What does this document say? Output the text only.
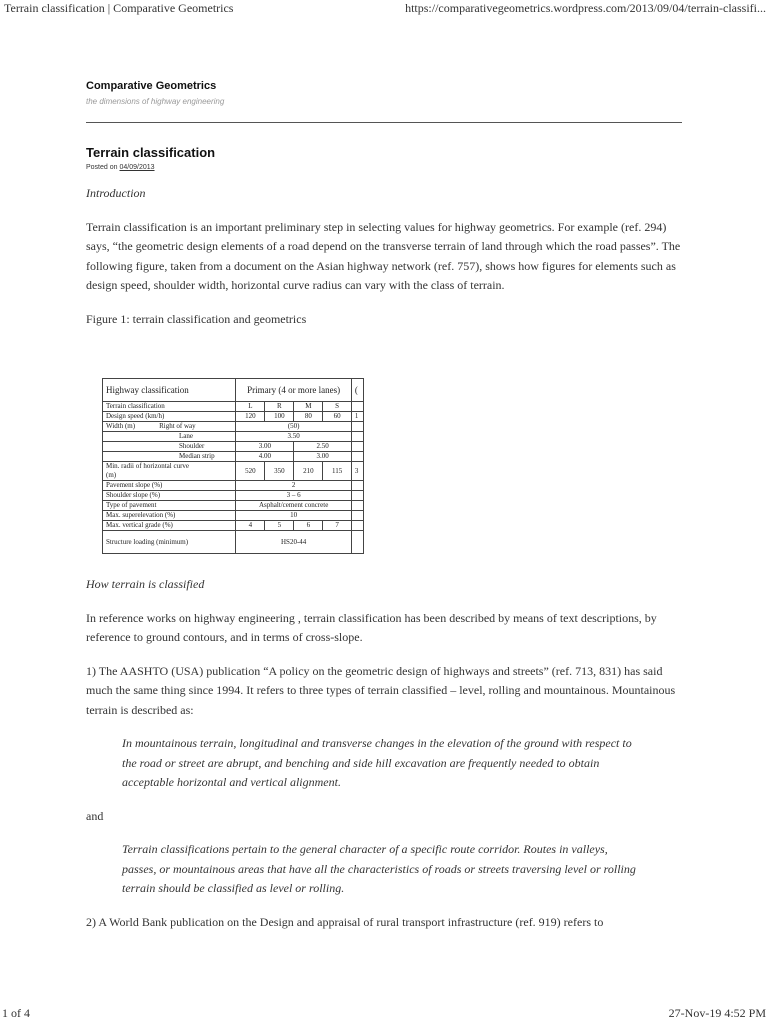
Terrain classification | Comparative Geometrics	https://comparativegeometrics.wordpress.com/2013/09/04/terrain-classifi...
Comparative Geometrics
the dimensions of highway engineering
Terrain classification
Posted on 04/09/2013

Introduction

Terrain classification is an important preliminary step in selecting values for highway geometrics. For example (ref. 294) says, “the geometric design elements of a road depend on the transverse terrain of land through which the road passes”. The following figure, taken from a document on the Asian highway network (ref. 757), shows how figures for elements such as design speed, shoulder width, horizontal curve radius can vary with the class of terrain.

Figure 1: terrain classification and geometrics

How terrain is classified

In reference works on highway engineering , terrain classification has been described by means of text descriptions, by reference to ground contours, and in terms of cross-slope.

1) The AASHTO (USA) publication “A policy on the geometric design of highways and streets” (ref. 713, 831) has said much the same thing since 1994. It refers to three types of terrain classified – level, rolling and mountainous. Mountainous terrain is described as:

In mountainous terrain, longitudinal and transverse changes in the elevation of the ground with respect to the road or street are abrupt, and benching and side hill excavation are frequently needed to obtain acceptable horizontal and vertical alignment.

and

Terrain classifications pertain to the general character of a specific route corridor. Routes in valleys, passes, or mountainous areas that have all the characteristics of roads or streets traversing level or rolling terrain should be classified as level or rolling.

2) A World Bank publication on the Design and appraisal of rural transport infrastructure (ref. 919) refers to

Highway classification	Primary (4 or more lanes)				(
Terrain classification	L	R	M	S	
Design speed (km/h)	120	100	80	60	1
Width (m) Right of way	(50)				
Lane	3.50				
Shoulder	3.00		2.50		
Median strip	4.00		3.00		
Min. radii of horizontal curve
(m)	520	350	210	115	3
Pavement slope (%)	2				
Shoulder slope (%)	3 – 6				
Type of pavement	Asphalt/cement concrete				
Max. superelevation (%)	10				
Max. vertical grade (%)	4	5	6	7	
Structure loading (minimum)	HS20-44				
1 of 4	27-Nov-19 4:52 PM
